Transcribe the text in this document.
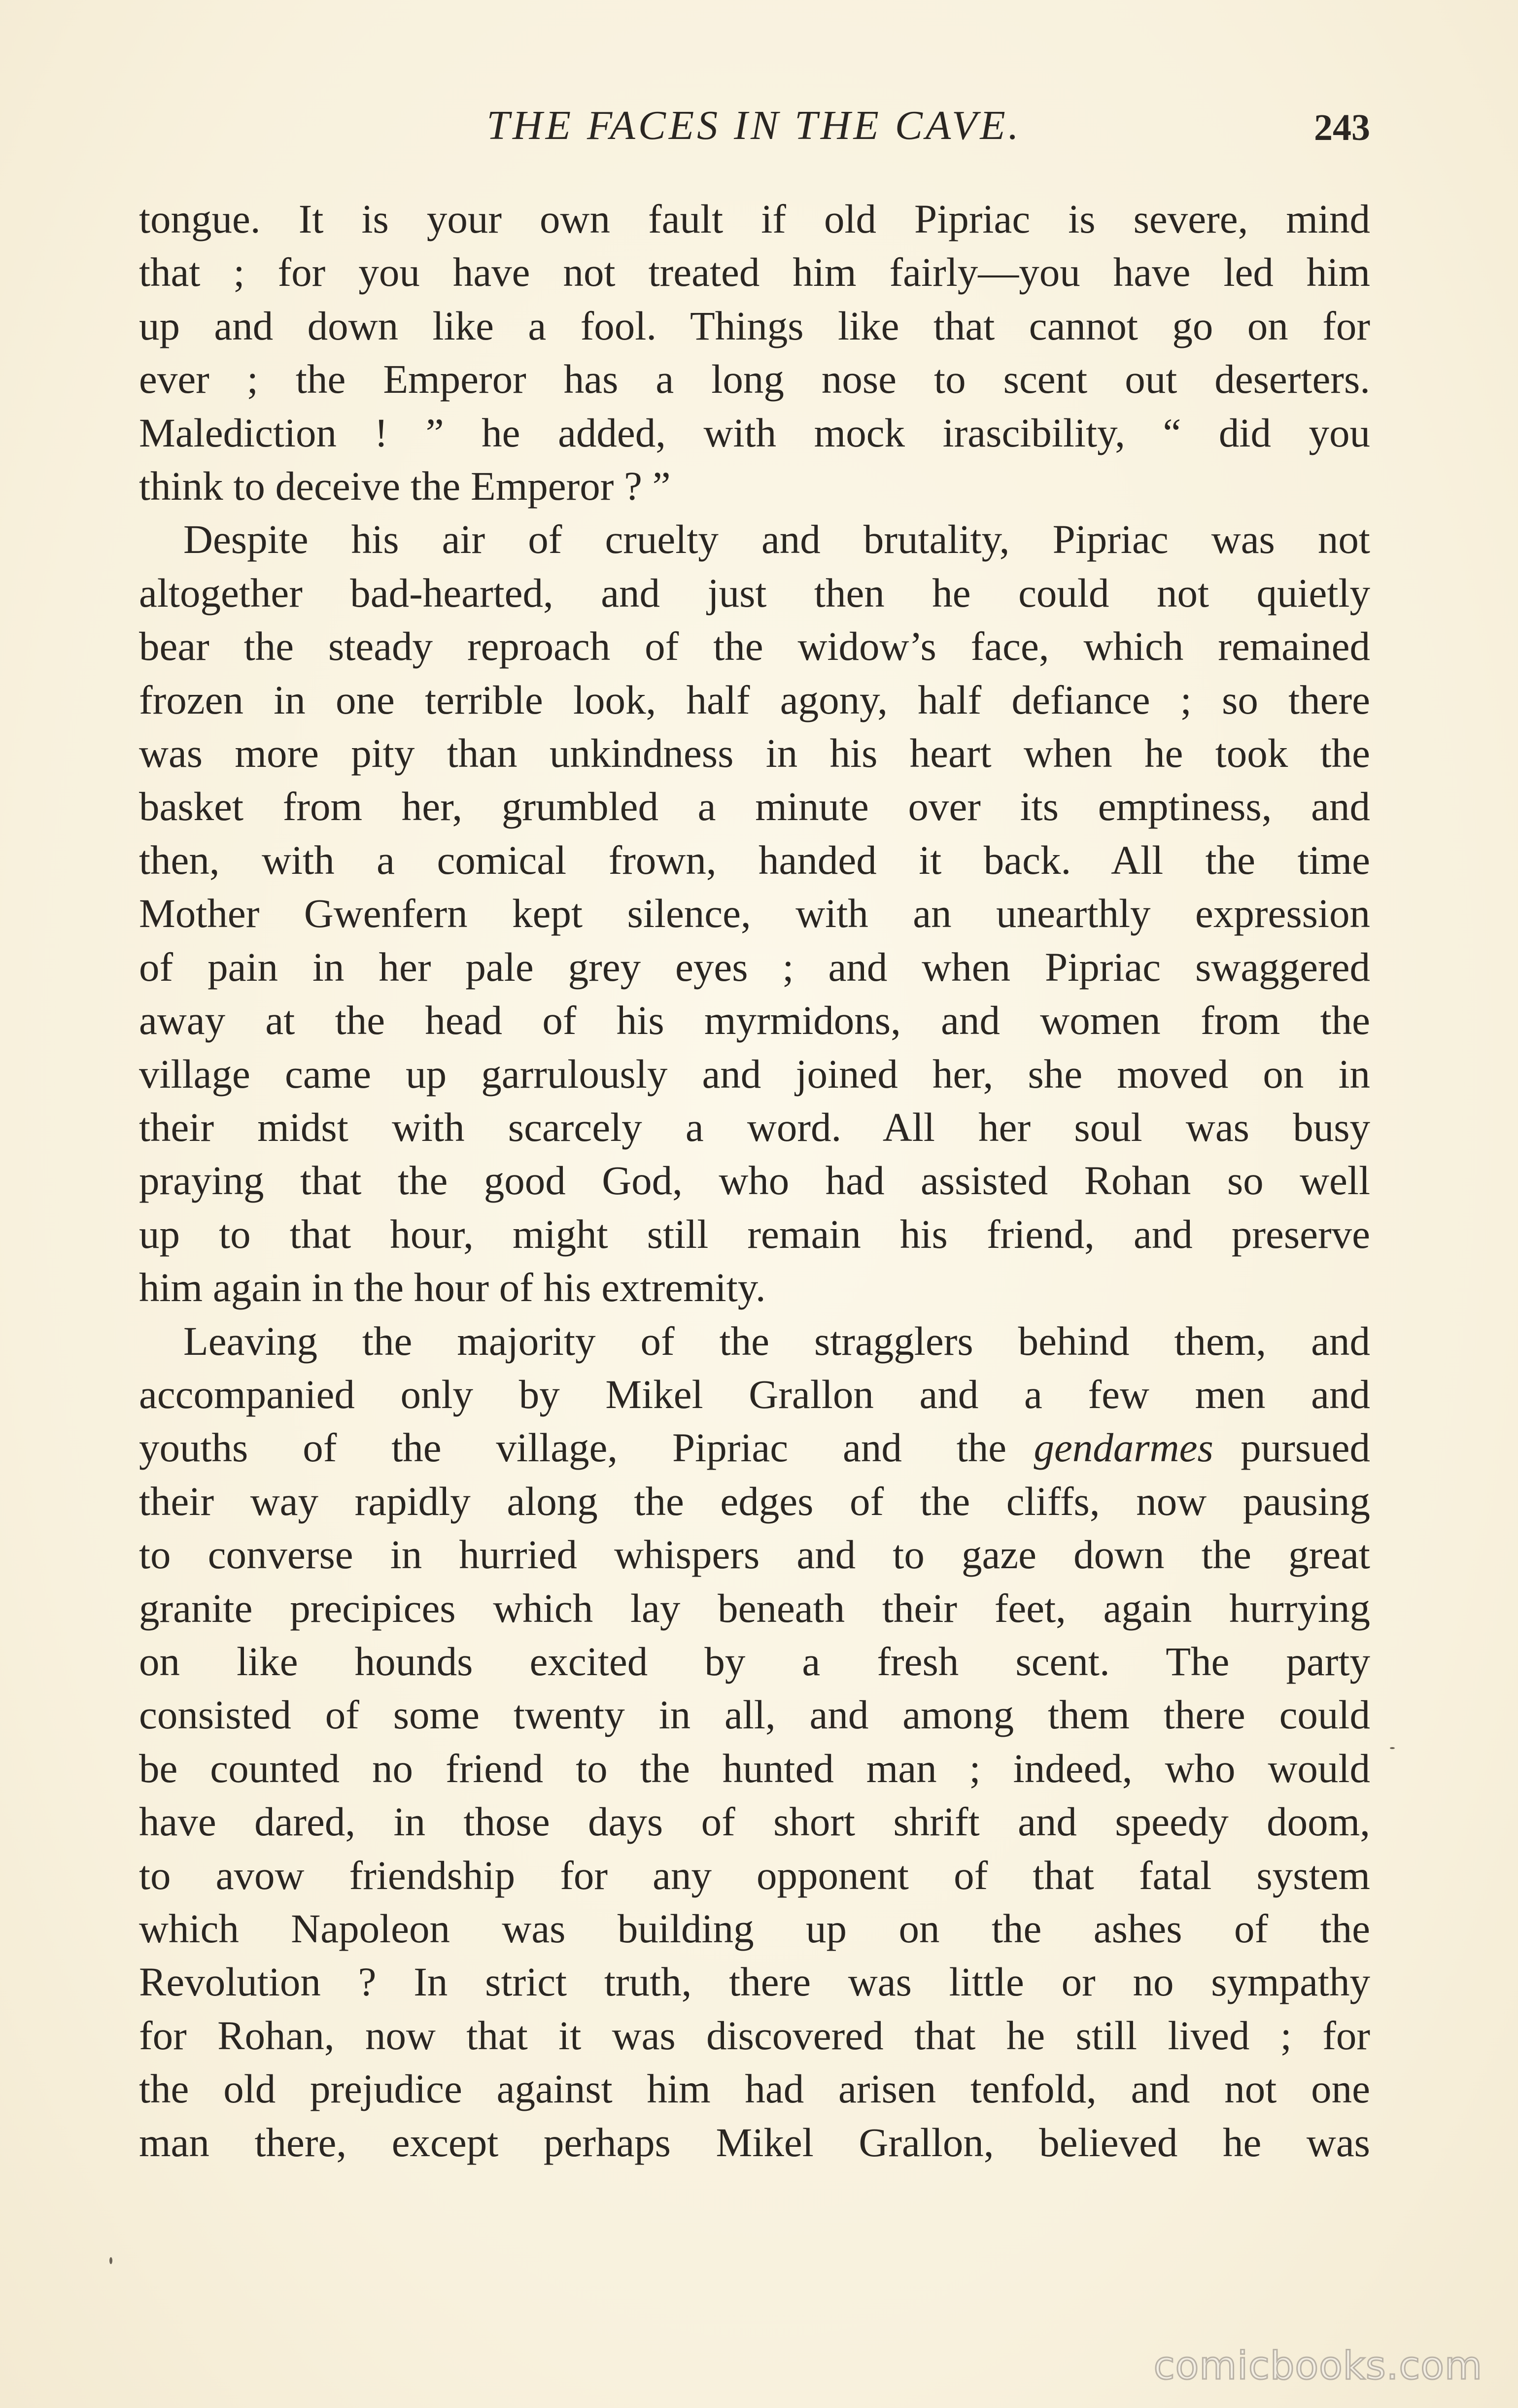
THE FACES IN THE CAVE.	243
tongue. It is your own fault if old Pipriac is severe, mind
that ; for you have not treated him fairly—you have led him
up and down like a fool. Things like that cannot go on for
ever ; the Emperor has a long nose to scent out deserters.
Malediction ! ” he added, with mock irascibility, “ did you
think to deceive the Emperor ? ”
Despite his air of cruelty and brutality, Pipriac was not
altogether bad-hearted, and just then he could not quietly
bear the steady reproach of the widow’s face, which remained
frozen in one terrible look, half agony, half defiance ; so there
was more pity than unkindness in his heart when he took the
basket from her, grumbled a minute over its emptiness, and
then, with a comical frown, handed it back. All the time
Mother Gwenfern kept silence, with an unearthly expression
of pain in her pale grey eyes ; and when Pipriac swaggered
away at the head of his myrmidons, and women from the
village came up garrulously and joined her, she moved on in
their midst with scarcely a word. All her soul was busy
praying that the good God, who had assisted Rohan so well
up to that hour, might still remain his friend, and preserve
him again in the hour of his extremity.
Leaving the majority of the stragglers behind them, and
accompanied only by Mikel Grallon and a few men and
youths  of  the  village,  Pipriac  and  the gendarmes pursued
their way rapidly along the edges of the cliffs, now pausing
to converse in hurried whispers and to gaze down the great
granite precipices which lay beneath their feet, again hurrying
on like hounds excited by a fresh scent. The party
consisted of some twenty in all, and among them there could
be counted no friend to the hunted man ; indeed, who would
have dared, in those days of short shrift and speedy doom,
to avow friendship for any opponent of that fatal system
which Napoleon was building up on the ashes of the
Revolution ? In strict truth, there was little or no sympathy
for Rohan, now that it was discovered that he still lived ; for
the old prejudice against him had arisen tenfold, and not one
man there, except perhaps Mikel Grallon, believed he was
comicbooks.com
